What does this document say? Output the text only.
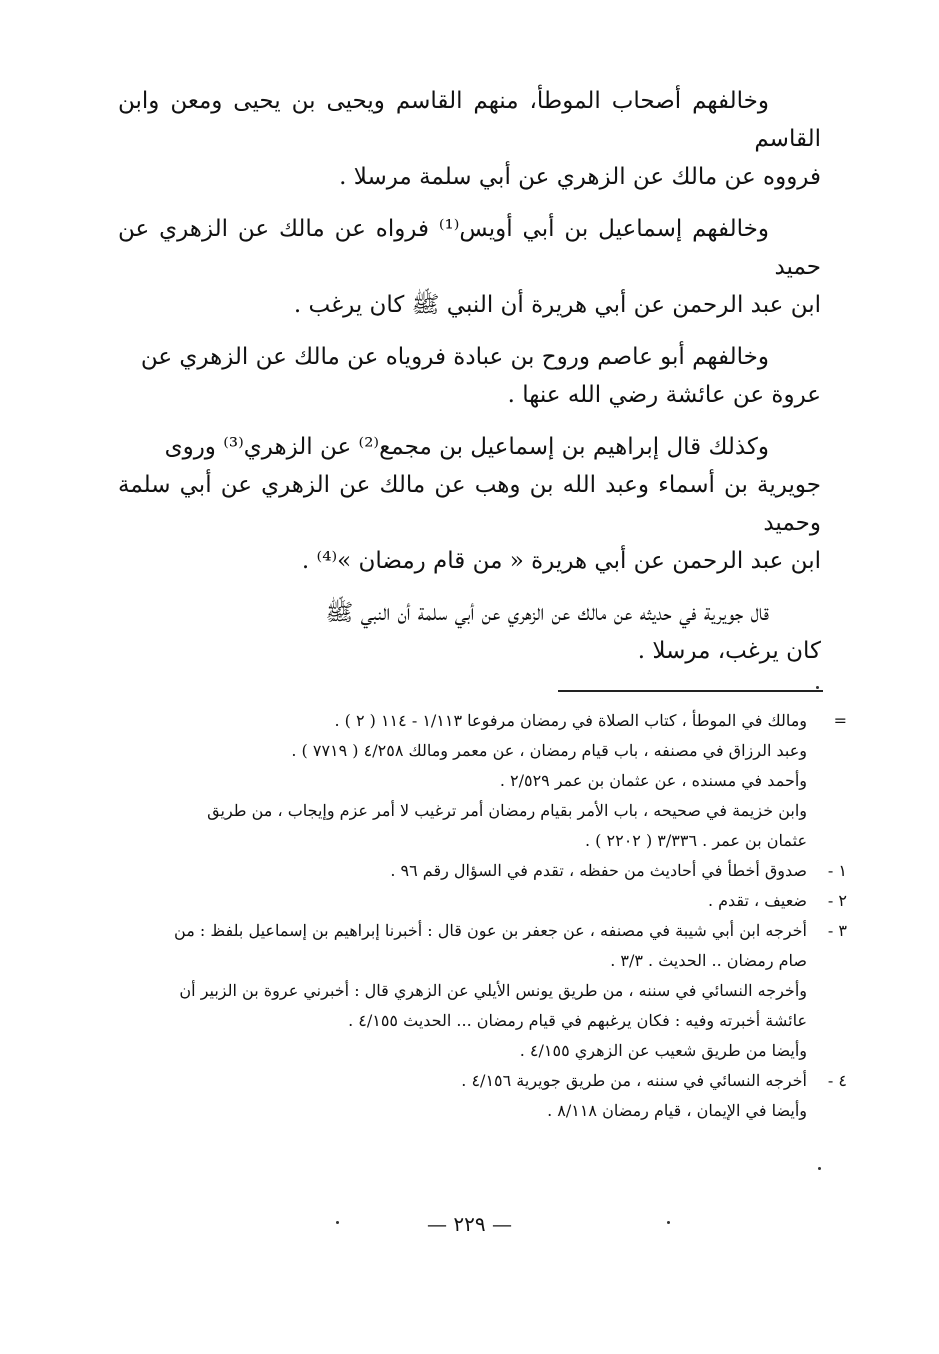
وخالفهم أصحاب الموطأ، منهم القاسم ويحيى بن يحيى ومعن وابن القاسم

فرووه عن مالك عن الزهري عن أبي سلمة مرسلا .

وخالفهم إسماعيل بن أبي أويس⁽¹⁾ فرواه عن مالك عن الزهري عن حميد

ابن عبد الرحمن عن أبي هريرة أن النبي ﷺ كان يرغب .

وخالفهم أبو عاصم وروح بن عبادة فروياه عن مالك عن الزهري عن

عروة عن عائشة رضي الله عنها .

وكذلك قال إبراهيم بن إسماعيل بن مجمع⁽²⁾ عن الزهري⁽³⁾ وروى

جويرية بن أسماء وعبد الله بن وهب عن مالك عن الزهري عن أبي سلمة وحميد

ابن عبد الرحمن عن أبي هريرة « من قام رمضان »⁽⁴⁾ .

قال جويرية في حديثه عن مالك عن الزهري عن أبي سلمة أن النبي ﷺ

كان يرغب، مرسلا .

=

ومالك في الموطأ ، كتاب الصلاة في رمضان مرفوعا ١/١١٣ - ١١٤ ( ٢ ) .

وعبد الرزاق في مصنفه ، باب قيام رمضان ، عن معمر ومالك ٤/٢٥٨ ( ٧٧١٩ ) .

وأحمد في مسنده ، عن عثمان بن عمر ٢/٥٢٩ .

وابن خزيمة في صحيحه ، باب الأمر بقيام رمضان أمر ترغيب لا أمر عزم وإيجاب ، من طريق

عثمان بن عمر . ٣/٣٣٦ ( ٢٢٠٢ ) .

١ -

صدوق أخطأ في أحاديث من حفظه ، تقدم في السؤال رقم ٩٦ .

٢ -

ضعيف ، تقدم .

٣ -

أخرجه ابن أبي شيبة في مصنفه ، عن جعفر بن عون قال : أخبرنا إبراهيم بن إسماعيل بلفظ : من

صام رمضان .. الحديث . ٣/٣ .

وأخرجه النسائي في سننه ، من طريق يونس الأيلي عن الزهري قال : أخبرني عروة بن الزبير أن

عائشة أخبرته وفيه : فكان يرغبهم في قيام رمضان ... الحديث ٤/١٥٥ .

وأيضا من طريق شعيب عن الزهري ٤/١٥٥ .

٤ -

أخرجه النسائي في سننه ، من طريق جويرية ٤/١٥٦ .

وأيضا في الإيمان ، قيام رمضان ٨/١١٨ .

— ٢٢٩ —
